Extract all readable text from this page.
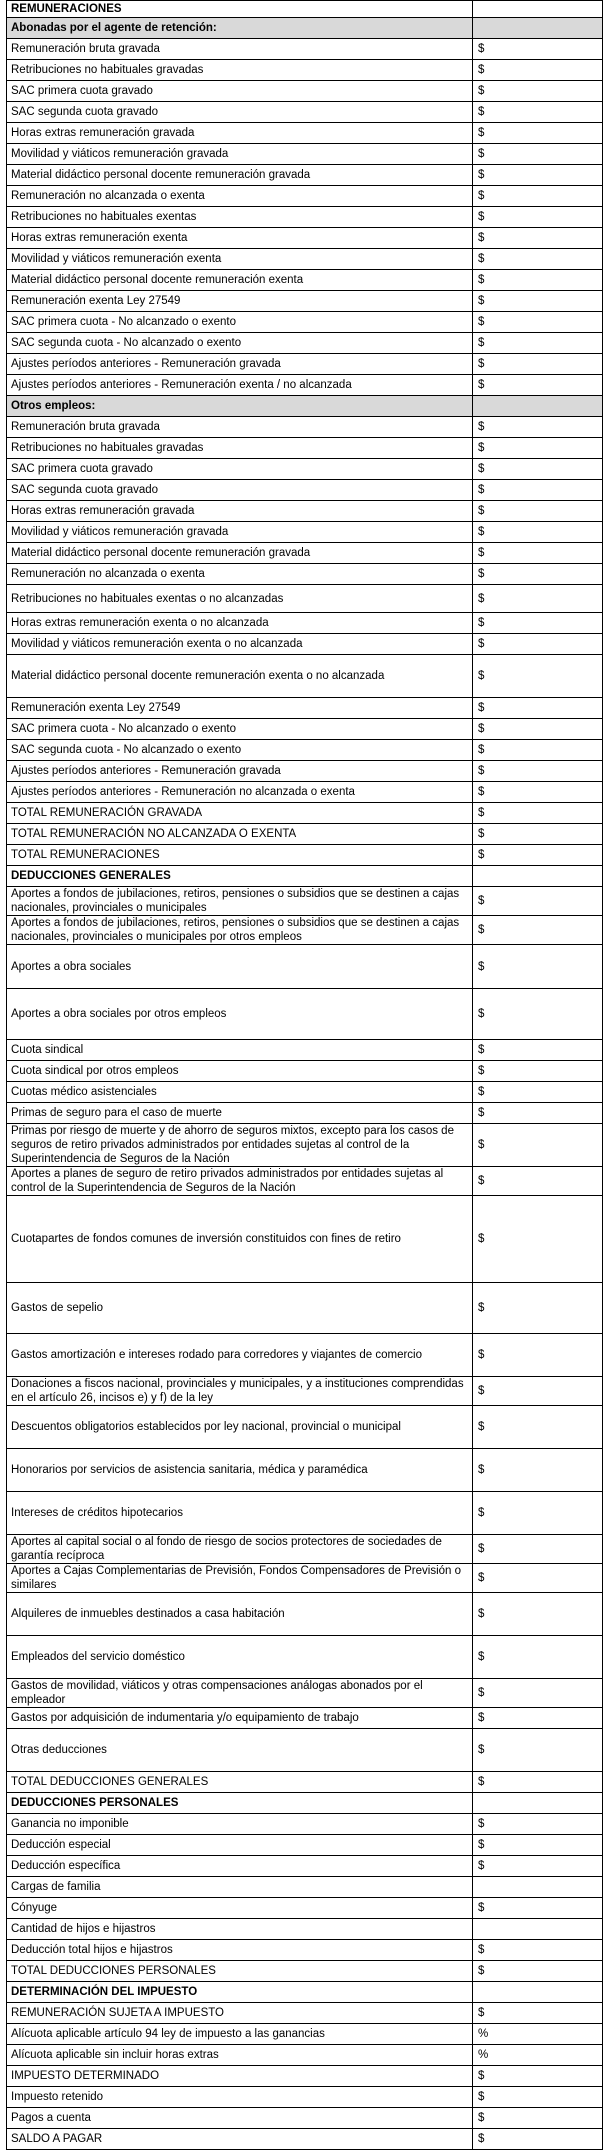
REMUNERACIONES	
Abonadas por el agente de retención:	
Remuneración bruta gravada	$
Retribuciones no habituales gravadas	$
SAC primera cuota gravado	$
SAC segunda cuota gravado	$
Horas extras remuneración gravada	$
Movilidad y viáticos remuneración gravada	$
Material didáctico personal docente remuneración gravada	$
Remuneración no alcanzada o exenta	$
Retribuciones no habituales exentas	$
Horas extras remuneración exenta	$
Movilidad y viáticos remuneración exenta	$
Material didáctico personal docente remuneración exenta	$
Remuneración exenta Ley 27549	$
SAC primera cuota - No alcanzado o exento	$
SAC segunda cuota - No alcanzado o exento	$
Ajustes períodos anteriores - Remuneración gravada	$
Ajustes períodos anteriores - Remuneración exenta / no alcanzada	$
Otros empleos:	
Remuneración bruta gravada	$
Retribuciones no habituales gravadas	$
SAC primera cuota gravado	$
SAC segunda cuota gravado	$
Horas extras remuneración gravada	$
Movilidad y viáticos remuneración gravada	$
Material didáctico personal docente remuneración gravada	$
Remuneración no alcanzada o exenta	$
Retribuciones no habituales exentas o no alcanzadas	$
Horas extras remuneración exenta o no alcanzada	$
Movilidad y viáticos remuneración exenta o no alcanzada	$
Material didáctico personal docente remuneración exenta o no alcanzada	$
Remuneración exenta Ley 27549	$
SAC primera cuota - No alcanzado o exento	$
SAC segunda cuota - No alcanzado o exento	$
Ajustes períodos anteriores - Remuneración gravada	$
Ajustes períodos anteriores - Remuneración no alcanzada o exenta	$
TOTAL REMUNERACIÓN GRAVADA	$
TOTAL REMUNERACIÓN NO ALCANZADA O EXENTA	$
TOTAL REMUNERACIONES	$
DEDUCCIONES GENERALES	
Aportes a fondos de jubilaciones, retiros, pensiones o subsidios que se destinen a cajas nacionales, provinciales o municipales	$
Aportes a fondos de jubilaciones, retiros, pensiones o subsidios que se destinen a cajas nacionales, provinciales o municipales por otros empleos	$
Aportes a obra sociales	$
Aportes a obra sociales por otros empleos	$
Cuota sindical	$
Cuota sindical por otros empleos	$
Cuotas médico asistenciales	$
Primas de seguro para el caso de muerte	$
Primas por riesgo de muerte y de ahorro de seguros mixtos, excepto para los casos de seguros de retiro privados administrados por entidades sujetas al control de la Superintendencia de Seguros de la Nación	$
Aportes a planes de seguro de retiro privados administrados por entidades sujetas al control de la Superintendencia de Seguros de la Nación	$
Cuotapartes de fondos comunes de inversión constituidos con fines de retiro	$
Gastos de sepelio	$
Gastos amortización e intereses rodado para corredores y viajantes de comercio	$
Donaciones a fiscos nacional, provinciales y municipales, y a instituciones comprendidas en el artículo 26, incisos e) y f) de la ley	$
Descuentos obligatorios establecidos por ley nacional, provincial o municipal	$
Honorarios por servicios de asistencia sanitaria, médica y paramédica	$
Intereses de créditos hipotecarios	$
Aportes al capital social o al fondo de riesgo de socios protectores de sociedades de garantía recíproca	$
Aportes a Cajas Complementarias de Previsión, Fondos Compensadores de Previsión o similares	$
Alquileres de inmuebles destinados a casa habitación	$
Empleados del servicio doméstico	$
Gastos de movilidad, viáticos y otras compensaciones análogas abonados por el empleador	$
Gastos por adquisición de indumentaria y/o equipamiento de trabajo	$
Otras deducciones	$
TOTAL DEDUCCIONES GENERALES	$
DEDUCCIONES PERSONALES	
Ganancia no imponible	$
Deducción especial	$
Deducción específica	$
Cargas de familia	
Cónyuge	$
Cantidad de hijos e hijastros	
Deducción total hijos e hijastros	$
TOTAL DEDUCCIONES PERSONALES	$
DETERMINACIÓN DEL IMPUESTO	
REMUNERACIÓN SUJETA A IMPUESTO	$
Alícuota aplicable artículo 94 ley de impuesto a las ganancias	%
Alícuota aplicable sin incluir horas extras	%
IMPUESTO DETERMINADO	$
Impuesto retenido	$
Pagos a cuenta	$
SALDO A PAGAR	$
